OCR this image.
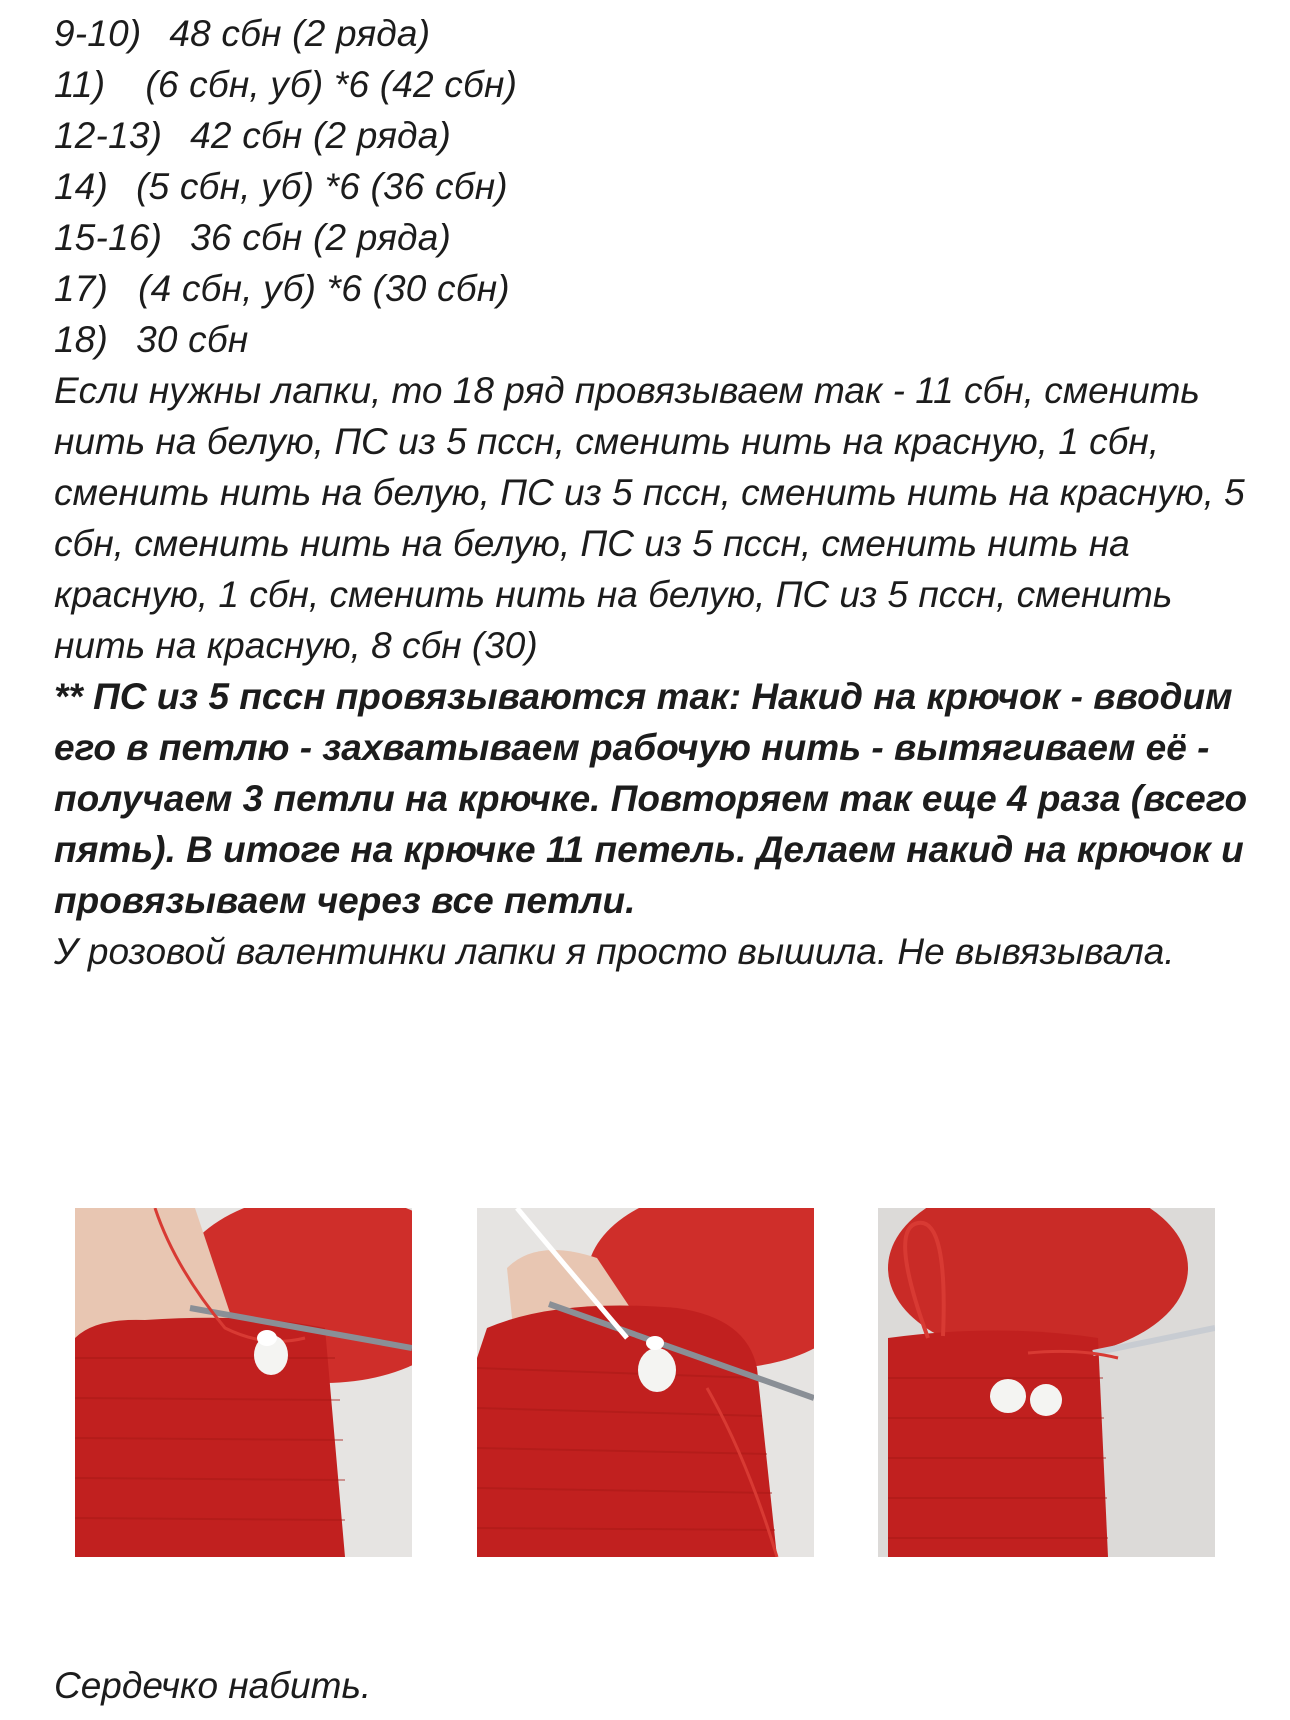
9-10) 48 сбн (2 ряда)
11) (6 сбн, уб) *6 (42 сбн)
12-13) 42 сбн (2 ряда)
14) (5 сбн, уб) *6 (36 сбн)
15-16) 36 сбн (2 ряда)
17) (4 сбн, уб) *6 (30 сбн)
18) 30 сбн

Если нужны лапки, то 18 ряд провязываем так - 11 сбн, сменить нить на белую, ПС из 5 пссн, сменить нить на красную, 1 сбн, сменить нить на белую, ПС из 5 пссн, сменить нить на красную, 5 сбн, сменить нить на белую, ПС из 5 пссн, сменить нить на красную, 1 сбн, сменить нить на белую, ПС из 5 пссн, сменить нить на красную, 8 сбн (30)

** ПС из 5 пссн провязываются так: Накид на крючок - вводим его в петлю - захватываем рабочую нить - вытягиваем её - получаем 3 петли на крючке. Повторяем так еще 4 раза (всего пять). В итоге на крючке 11 петель. Делаем накид на крючок и провязываем через все петли.

У розовой валентинки лапки я просто вышила. Не вывязывала.

Сердечко набить.
